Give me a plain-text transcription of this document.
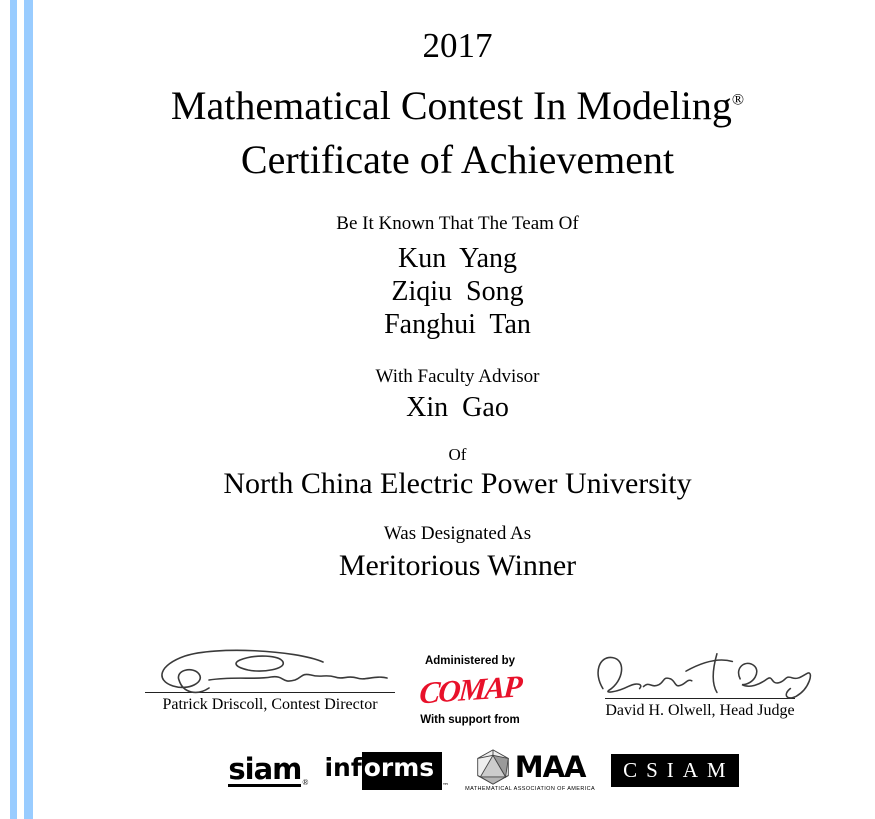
2017
Mathematical Contest In Modeling®
Certificate of Achievement
Be It Known That The Team Of
Kun  Yang
Ziqiu  Song
Fanghui  Tan
With Faculty Advisor
Xin  Gao
Of
North China Electric Power University
Was Designated As
Meritorious Winner
Patrick Driscoll, Contest Director
Administered by
COMAP
With support from
David H. Olwell, Head Judge
siam ®
inf orms
™
MAA
MATHEMATICAL ASSOCIATION OF AMERICA
CSIAM
